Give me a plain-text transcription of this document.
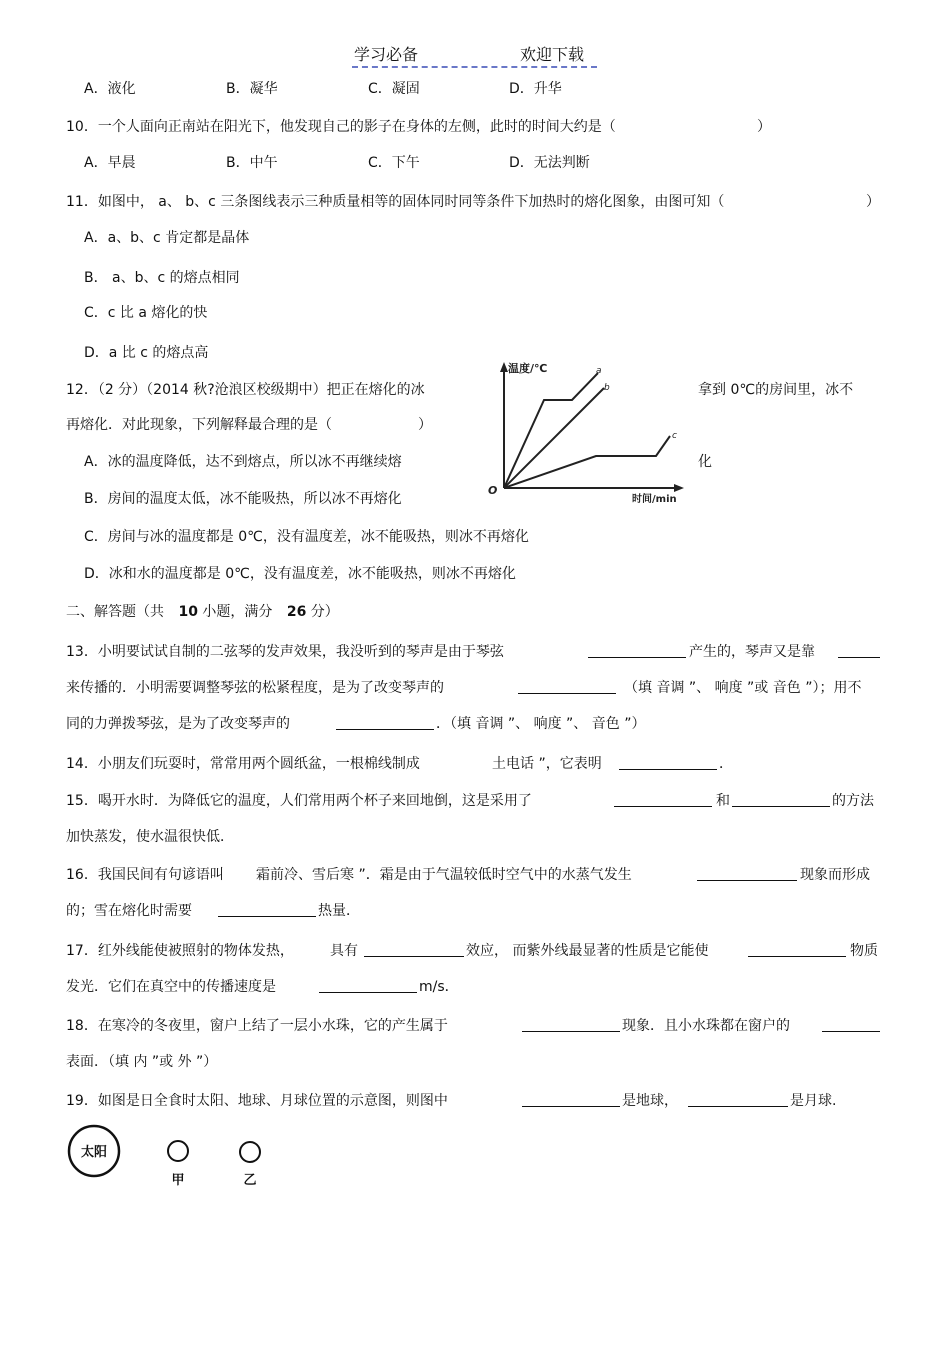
学习必备	欢迎下载
A．液化	B．凝华	C．凝固	D．升华
10．一个人面向正南站在阳光下，他发现自己的影子在身体的左侧，此时的时间大约是（	）
A．早晨	B．中午	C．下午	D．无法判断
11．如图中， a、 b、c 三条图线表示三种质量相等的固体同时同等条件下加热时的熔化图象，由图可知（	）
A．a、b、c 肯定都是晶体
B． a、b、c 的熔点相同
C．c 比 a 熔化的快
D．a 比 c 的熔点高
12．（2 分）（2014 秋?沧浪区校级期中）把正在熔化的冰	拿到 0℃的房间里，冰不
再熔化．对此现象，下列解释最合理的是（	）
A．冰的温度降低，达不到熔点，所以冰不再继续熔	化
B．房间的温度太低，冰不能吸热，所以冰不再熔化
C．房间与冰的温度都是 0℃，没有温度差，冰不能吸热，则冰不再熔化
D．冰和水的温度都是 0℃，没有温度差，冰不能吸热，则冰不再熔化
温度/℃
时间/min
O
a
b
c
二、解答题（共 10 小题，满分 26 分）
13．小明要试试自制的二弦琴的发声效果，我没听到的琴声是由于琴弦	产生的，琴声又是靠
来传播的．小明需要调整琴弦的松紧程度，是为了改变琴声的	（填 音调 ”、 响度 ”或 音色 ”）；用不
同的力弹拨琴弦，是为了改变琴声的	．（填 音调 ”、 响度 ”、 音色 ”）
14．小朋友们玩耍时，常常用两个圆纸盆，一根棉线制成	土电话 ”，它表明	．
15．喝开水时．为降低它的温度，人们常用两个杯子来回地倒，这是采用了	和	的方法
加快蒸发，使水温很快低．
16．我国民间有句谚语叫 霜前冷、雪后寒 ”．霜是由于气温较低时空气中的水蒸气发生	现象而形成
的；雪在熔化时需要	热量．
17．红外线能使被照射的物体发热，	具有	效应， 而紫外线最显著的性质是它能使	物质
发光．它们在真空中的传播速度是	m/s．
18．在寒冷的冬夜里，窗户上结了一层小水珠，它的产生属于	现象．且小水珠都在窗户的
表面．（填 内 ”或 外 ”）
19．如图是日全食时太阳、地球、月球位置的示意图，则图中	是地球，	是月球.
太阳
甲	乙
